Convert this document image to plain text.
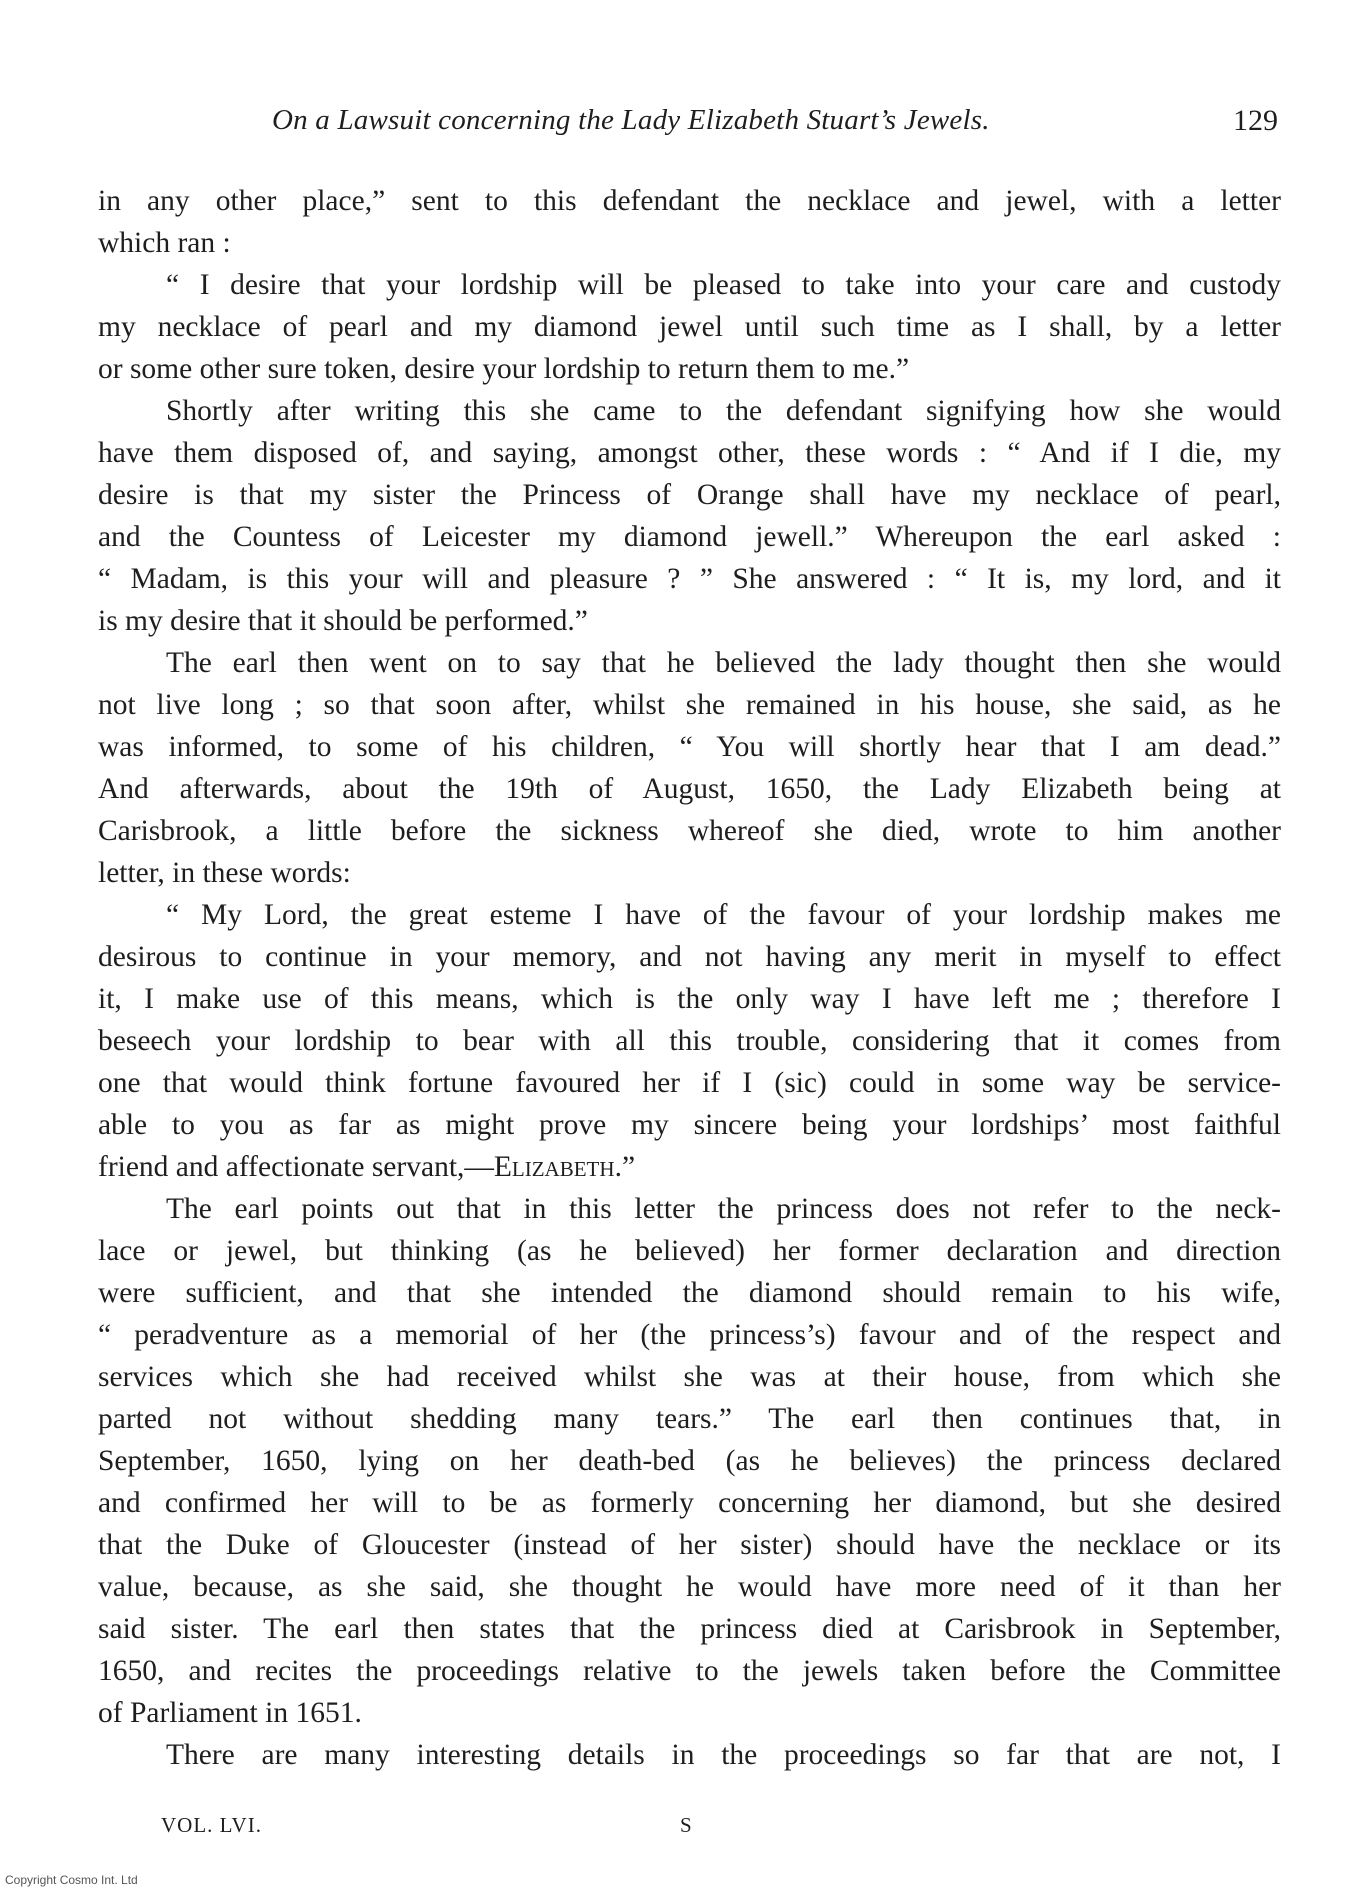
On a Lawsuit concerning the Lady Elizabeth Stuart’s Jewels.	129
in any other place,” sent to this defendant the necklace and jewel, with a letter
which ran :
“ I desire that your lordship will be pleased to take into your care and custody
my necklace of pearl and my diamond jewel until such time as I shall, by a letter
or some other sure token, desire your lordship to return them to me.”
Shortly after writing this she came to the defendant signifying how she would
have them disposed of, and saying, amongst other, these words : “ And if I die, my
desire is that my sister the Princess of Orange shall have my necklace of pearl,
and the Countess of Leicester my diamond jewell.” Whereupon the earl asked :
“ Madam, is this your will and pleasure ? ” She answered : “ It is, my lord, and it
is my desire that it should be performed.”
The earl then went on to say that he believed the lady thought then she would
not live long ; so that soon after, whilst she remained in his house, she said, as he
was informed, to some of his children, “ You will shortly hear that I am dead.”
And afterwards, about the 19th of August, 1650, the Lady Elizabeth being at
Carisbrook, a little before the sickness whereof she died, wrote to him another
letter, in these words:
“ My Lord, the great esteme I have of the favour of your lordship makes me
desirous to continue in your memory, and not having any merit in myself to effect
it, I make use of this means, which is the only way I have left me ; therefore I
beseech your lordship to bear with all this trouble, considering that it comes from
one that would think fortune favoured her if I (sic) could in some way be service-
able to you as far as might prove my sincere being your lordships’ most faithful
friend and affectionate servant,—Elizabeth.”
The earl points out that in this letter the princess does not refer to the neck-
lace or jewel, but thinking (as he believed) her former declaration and direction
were sufficient, and that she intended the diamond should remain to his wife,
“ peradventure as a memorial of her (the princess’s) favour and of the respect and
services which she had received whilst she was at their house, from which she
parted not without shedding many tears.” The earl then continues that, in
September, 1650, lying on her death-bed (as he believes) the princess declared
and confirmed her will to be as formerly concerning her diamond, but she desired
that the Duke of Gloucester (instead of her sister) should have the necklace or its
value, because, as she said, she thought he would have more need of it than her
said sister. The earl then states that the princess died at Carisbrook in September,
1650, and recites the proceedings relative to the jewels taken before the Committee
of Parliament in 1651.
There are many interesting details in the proceedings so far that are not, I
VOL. LVI.	S
Copyright Cosmo Int. Ltd
